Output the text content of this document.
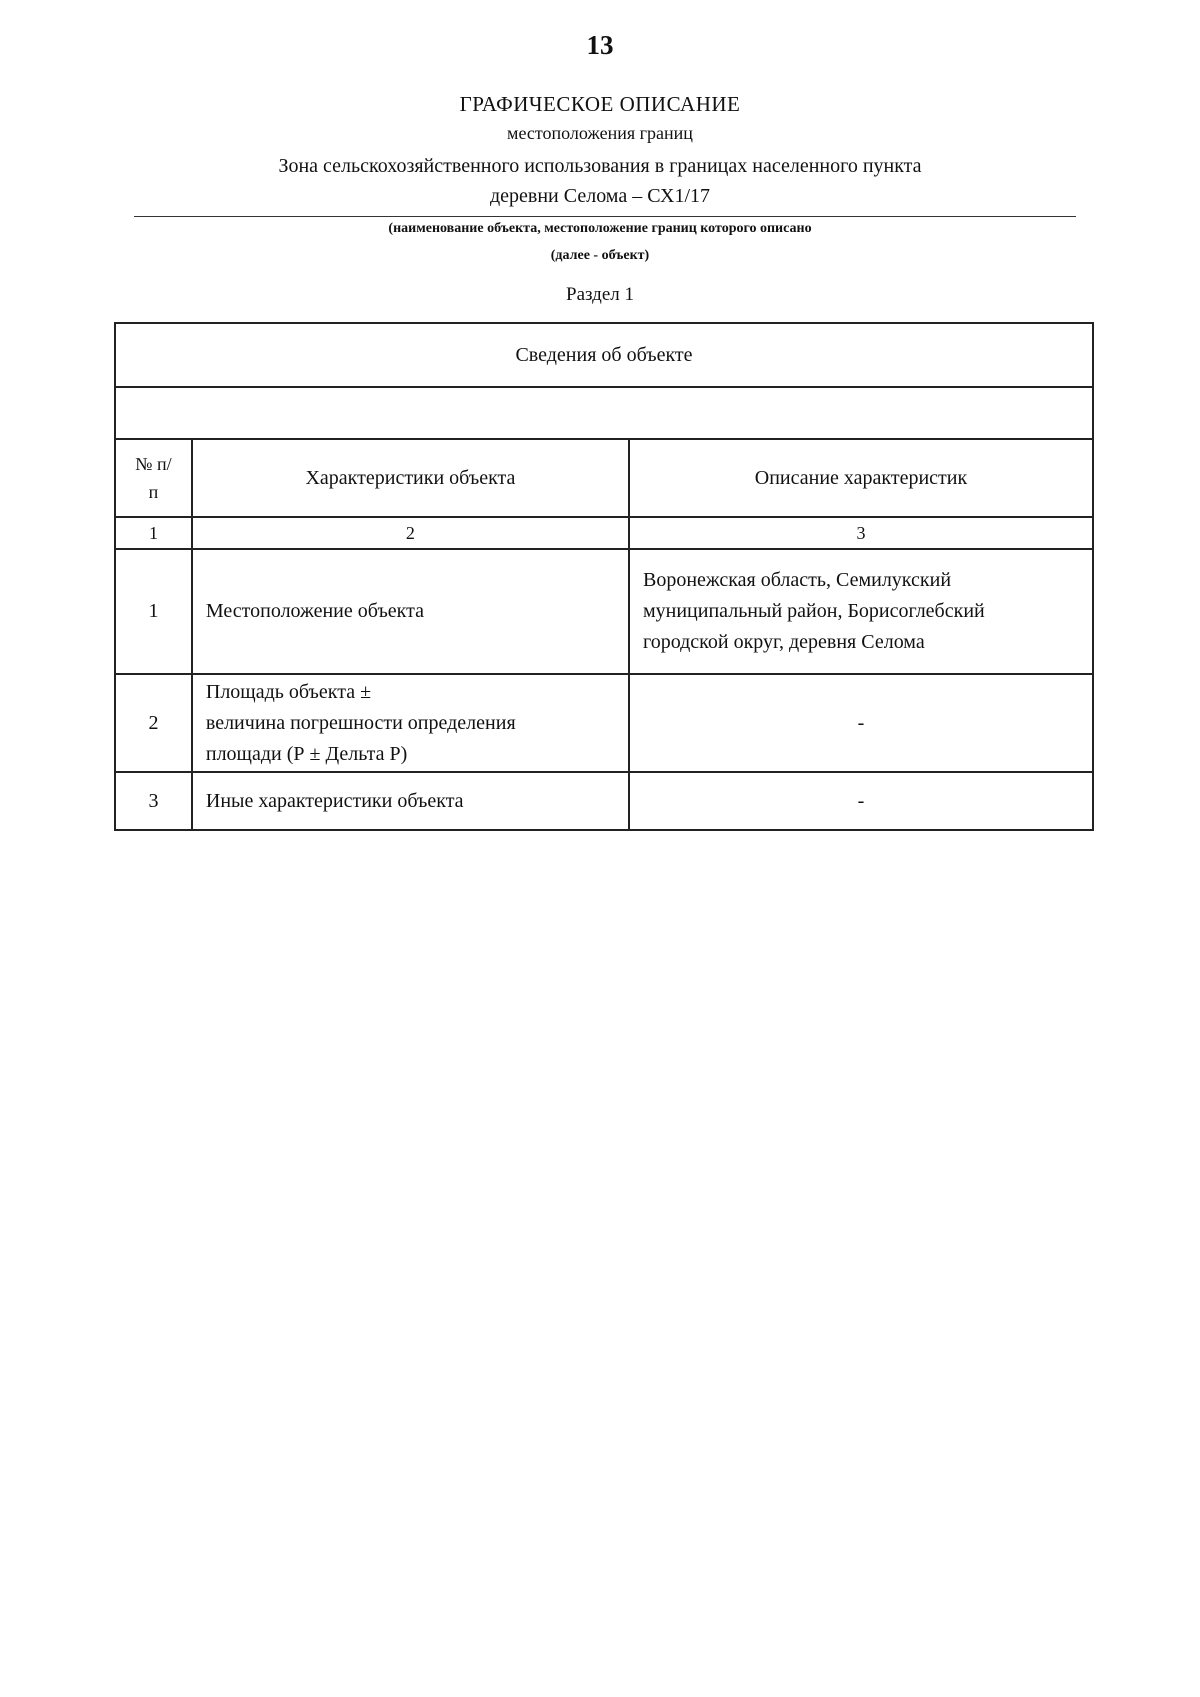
13
ГРАФИЧЕСКОЕ ОПИСАНИЕ
местоположения границ
Зона сельскохозяйственного использования в границах населенного пункта
деревни Селома – СХ1/17
(наименование объекта, местоположение границ которого описано
(далее - объект)
Раздел 1
Сведения об объекте		

№ п/п	Характеристики объекта	Описание характеристик
1	2	3
1	Местоположение объекта	Воронежская область, Семилукский
муниципальный район, Борисоглебский
городской округ, деревня Селома

2	Площадь объекта ±
величина погрешности определения
площади (Р ± Дельта Р)	-
3	Иные характеристики объекта	-
